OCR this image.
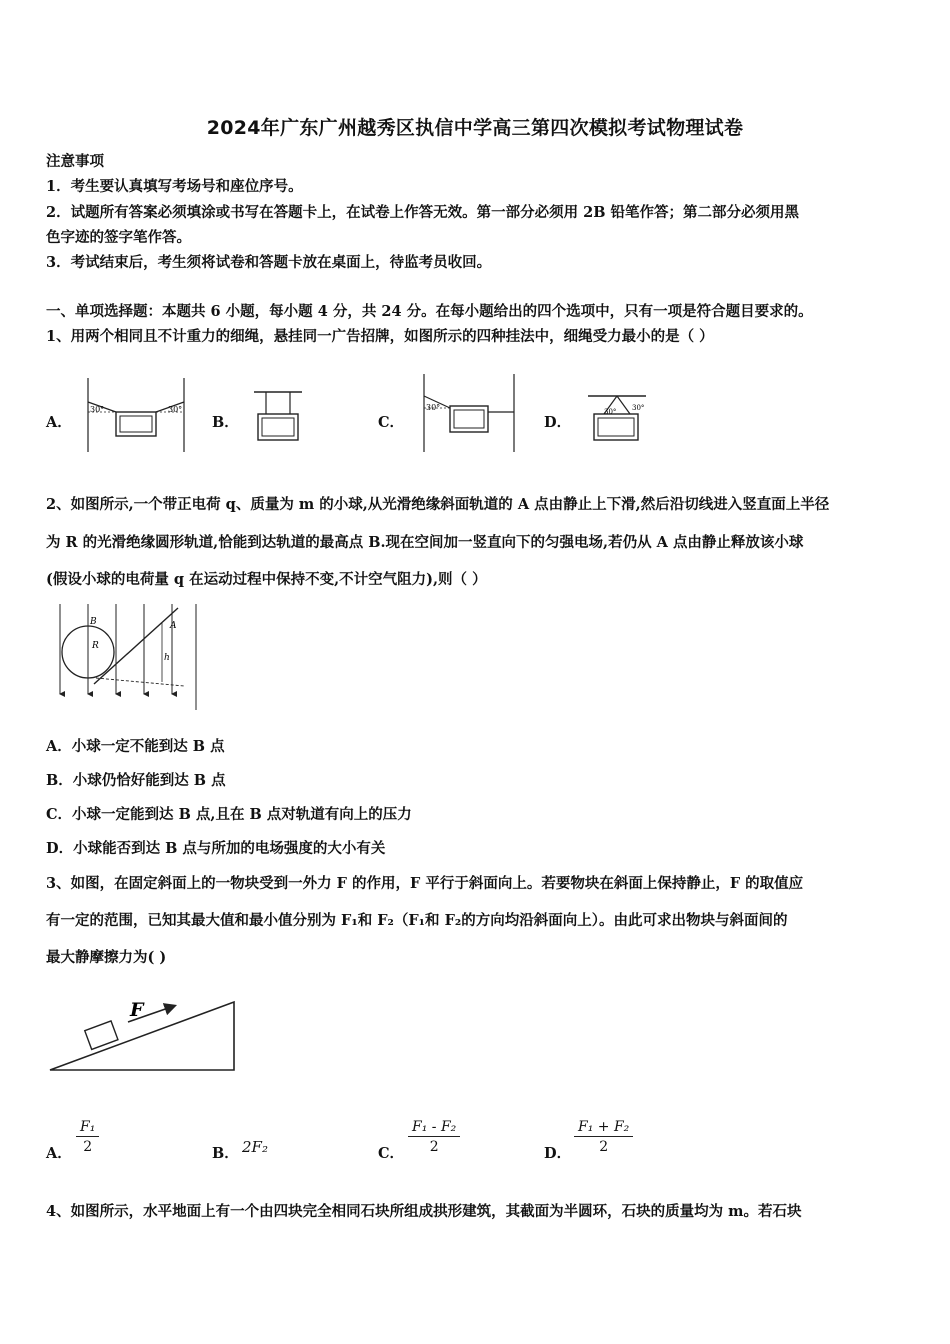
2024年广东广州越秀区执信中学高三第四次模拟考试物理试卷
注意事项
1．考生要认真填写考场号和座位序号。
2．试题所有答案必须填涂或书写在答题卡上，在试卷上作答无效。第一部分必须用 2B 铅笔作答；第二部分必须用黑
色字迹的签字笔作答。
3．考试结束后，考生须将试卷和答题卡放在桌面上，待监考员收回。
一、单项选择题：本题共 6 小题，每小题 4 分，共 24 分。在每小题给出的四个选项中，只有一项是符合题目要求的。
1、用两个相同且不计重力的细绳，悬挂同一广告招牌，如图所示的四种挂法中，细绳受力最小的是（ ）
A．	B．	C．	D．
30°	30°	30°	30° 30°
2、如图所示,一个带正电荷 q、质量为 m 的小球,从光滑绝缘斜面轨道的 A 点由静止上下滑,然后沿切线进入竖直面上半径
为 R 的光滑绝缘圆形轨道,恰能到达轨道的最高点 B.现在空间加一竖直向下的匀强电场,若仍从 A 点由静止释放该小球
(假设小球的电荷量 q 在运动过程中保持不变,不计空气阻力),则（ ）
B
R
A
h
A．小球一定不能到达 B 点
B．小球仍恰好能到达 B 点
C．小球一定能到达 B 点,且在 B 点对轨道有向上的压力
D．小球能否到达 B 点与所加的电场强度的大小有关
3、如图，在固定斜面上的一物块受到一外力 F 的作用，F 平行于斜面向上。若要物块在斜面上保持静止，F 的取值应
有一定的范围，已知其最大值和最小值分别为 F₁和 F₂（F₁和 F₂的方向均沿斜面向上）。由此可求出物块与斜面间的
最大静摩擦力为( )
F
A． $\frac{\text{F₁}}{2}$	B． 2F₂	C． $\frac{\text{F₁ - F₂}}{2}$	D． $\frac{\text{F₁ + F₂}}{2}$
4、如图所示，水平地面上有一个由四块完全相同石块所组成拱形建筑，其截面为半圆环，石块的质量均为 m。若石块
